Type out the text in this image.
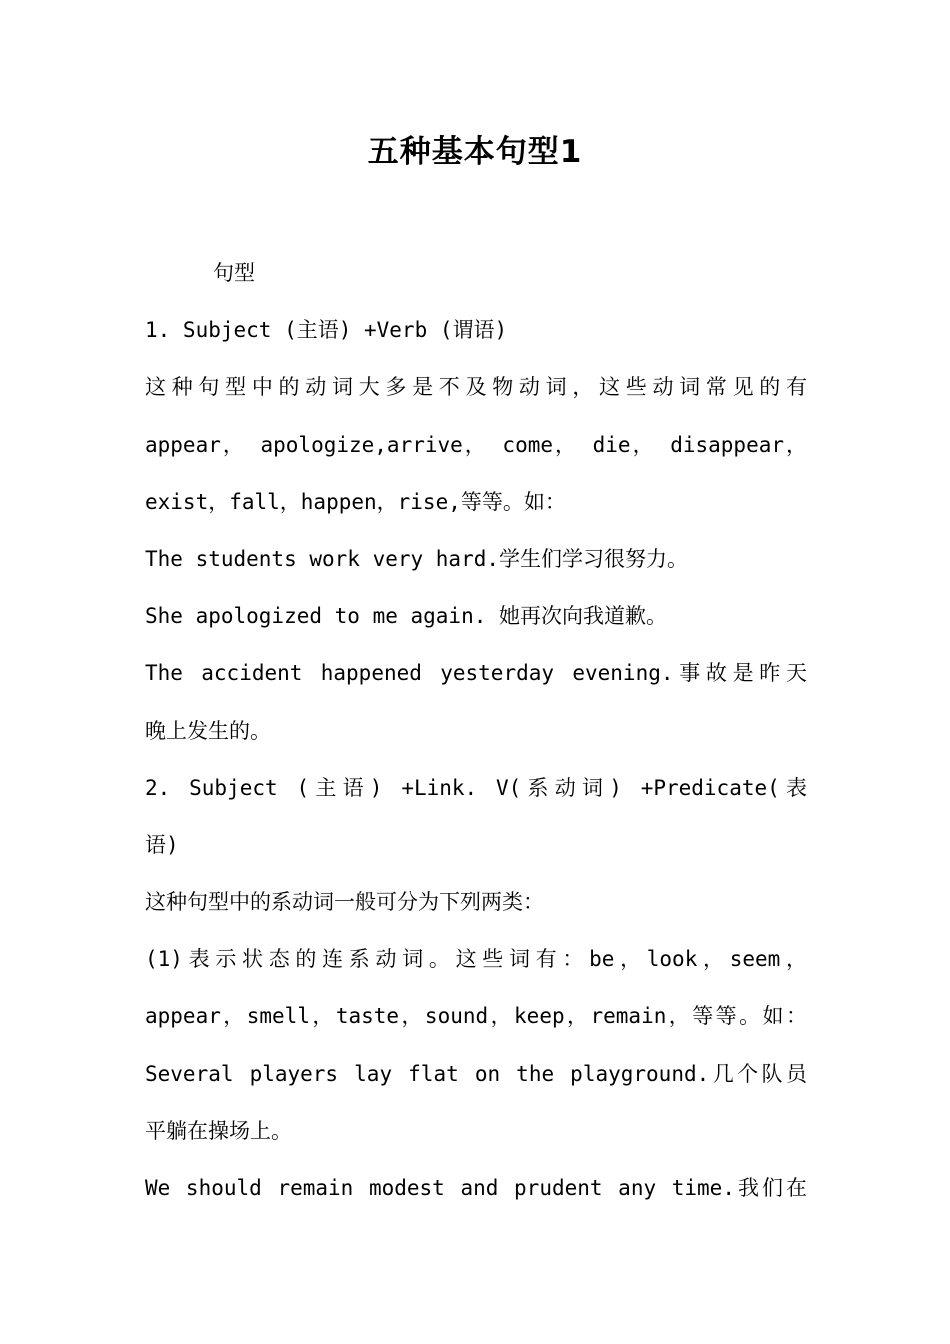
五种基本句型1
句型
1. Subject (主语) +Verb (谓语)
这种句型中的动词大多是不及物动词，这些动词常见的有
appear， apologize,arrive， come， die， disappear，
exist，fall，happen，rise,等等。如：
The students work very hard.学生们学习很努力。
She apologized to me again. 她再次向我道歉。
The accident happened yesterday evening.事故是昨天
晚上发生的。
2. Subject (主语) +Link. V(系动词) +Predicate(表
语)
这种句型中的系动词一般可分为下列两类：
(1)表示状态的连系动词。这些词有：be，look，seem，
appear，smell，taste，sound，keep，remain，等等。如：
Several players lay flat on the playground.几个队员
平躺在操场上。
We should remain modest and prudent any time.我们在
